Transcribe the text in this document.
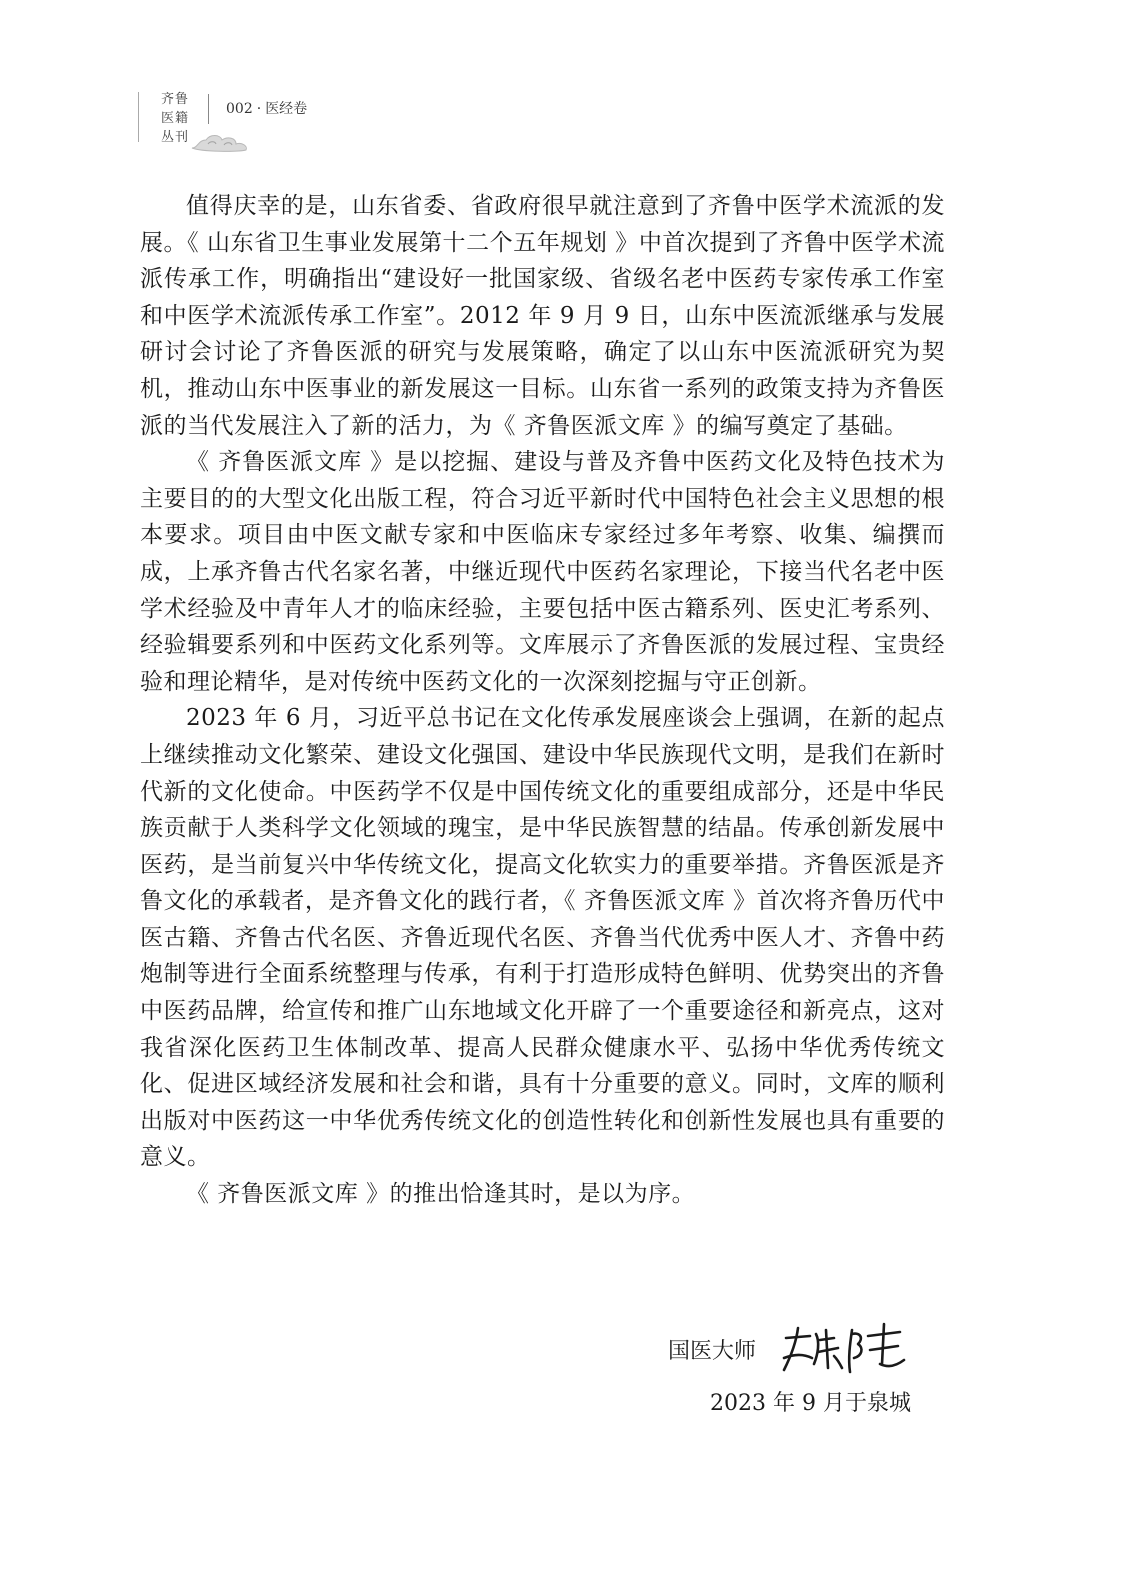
齐鲁
医籍
丛刊
002 · 医经卷

值得庆幸的是，山东省委、省政府很早就注意到了齐鲁中医学术流派的发展。《 山东省卫生事业发展第十二个五年规划 》中首次提到了齐鲁中医学术流派传承工作，明确指出“建设好一批国家级、省级名老中医药专家传承工作室和中医学术流派传承工作室”。2012 年 9 月 9 日，山东中医流派继承与发展研讨会讨论了齐鲁医派的研究与发展策略，确定了以山东中医流派研究为契机，推动山东中医事业的新发展这一目标。山东省一系列的政策支持为齐鲁医派的当代发展注入了新的活力，为《 齐鲁医派文库 》的编写奠定了基础。

《 齐鲁医派文库 》是以挖掘、建设与普及齐鲁中医药文化及特色技术为主要目的的大型文化出版工程，符合习近平新时代中国特色社会主义思想的根本要求。项目由中医文献专家和中医临床专家经过多年考察、收集、编撰而成，上承齐鲁古代名家名著，中继近现代中医药名家理论，下接当代名老中医学术经验及中青年人才的临床经验，主要包括中医古籍系列、医史汇考系列、经验辑要系列和中医药文化系列等。文库展示了齐鲁医派的发展过程、宝贵经验和理论精华，是对传统中医药文化的一次深刻挖掘与守正创新。

2023 年 6 月，习近平总书记在文化传承发展座谈会上强调，在新的起点上继续推动文化繁荣、建设文化强国、建设中华民族现代文明，是我们在新时代新的文化使命。中医药学不仅是中国传统文化的重要组成部分，还是中华民族贡献于人类科学文化领域的瑰宝，是中华民族智慧的结晶。传承创新发展中医药，是当前复兴中华传统文化，提高文化软实力的重要举措。齐鲁医派是齐鲁文化的承载者，是齐鲁文化的践行者，《 齐鲁医派文库 》首次将齐鲁历代中医古籍、齐鲁古代名医、齐鲁近现代名医、齐鲁当代优秀中医人才、齐鲁中药炮制等进行全面系统整理与传承，有利于打造形成特色鲜明、优势突出的齐鲁中医药品牌，给宣传和推广山东地域文化开辟了一个重要途径和新亮点，这对我省深化医药卫生体制改革、提高人民群众健康水平、弘扬中华优秀传统文化、促进区域经济发展和社会和谐，具有十分重要的意义。同时，文库的顺利出版对中医药这一中华优秀传统文化的创造性转化和创新性发展也具有重要的意义。

《 齐鲁医派文库 》的推出恰逢其时，是以为序。

国医大师
2023 年 9 月于泉城
